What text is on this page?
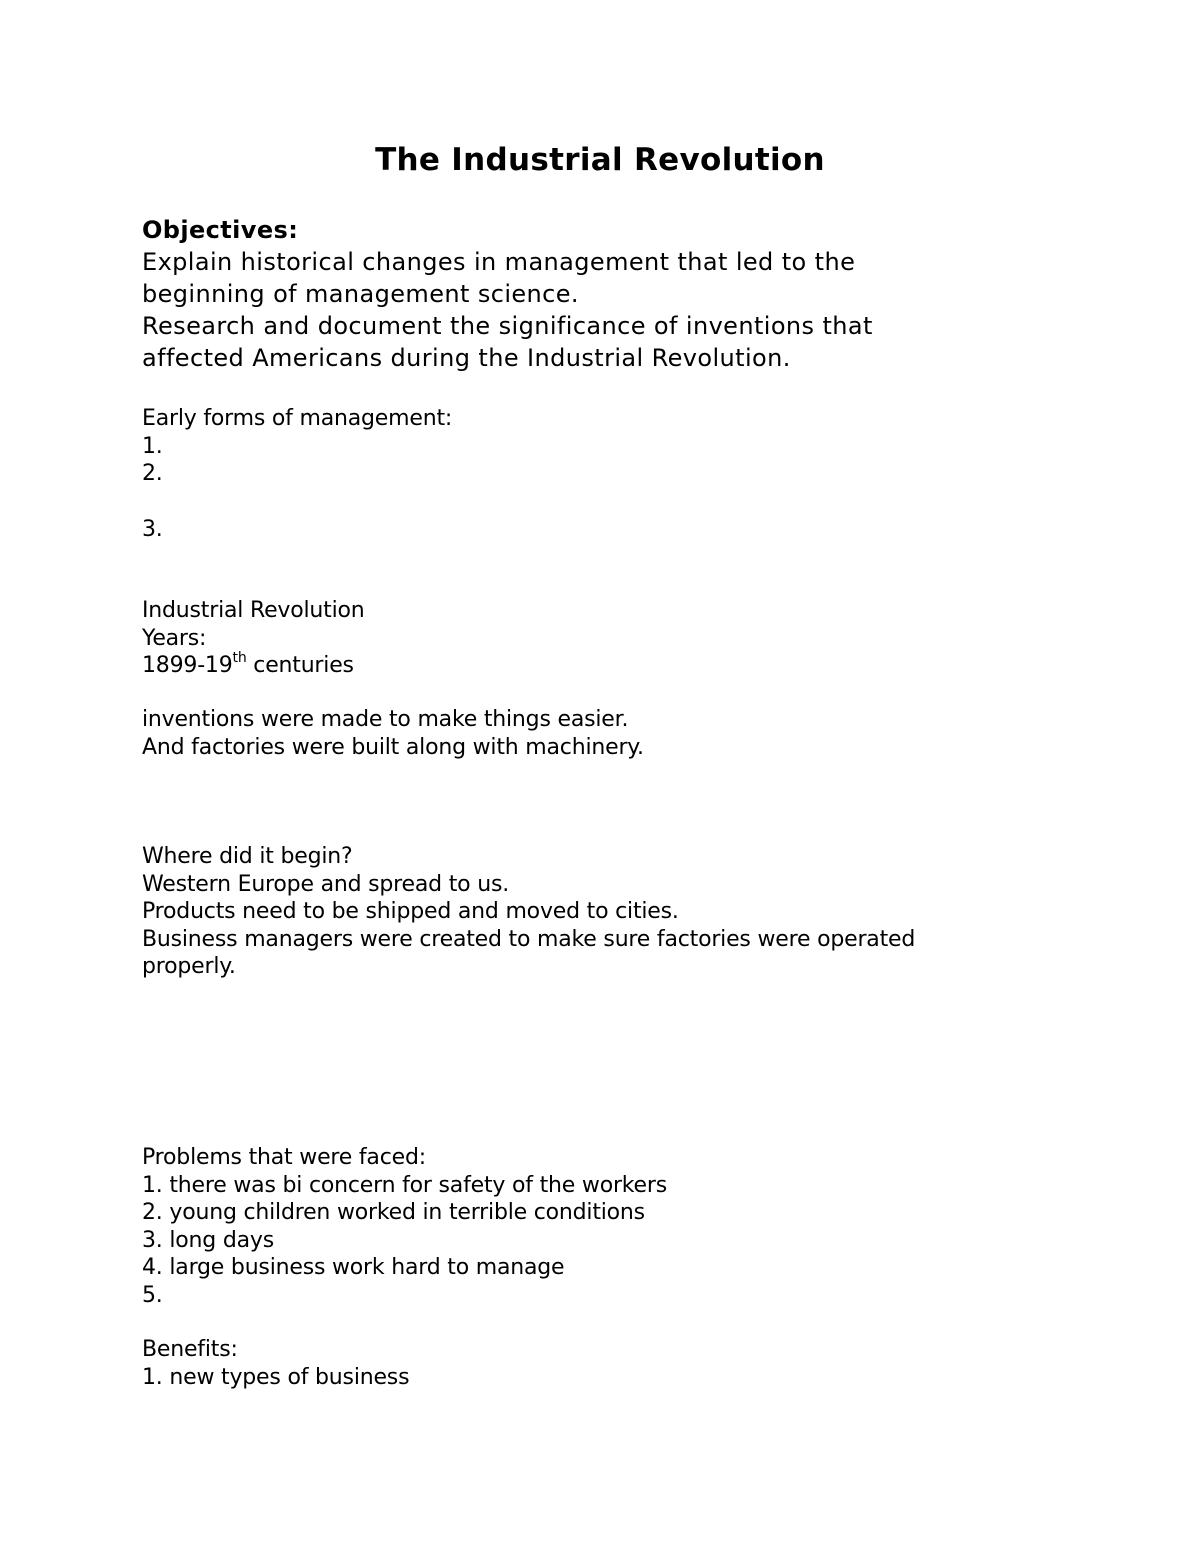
The Industrial Revolution
Objectives:
Explain historical changes in management that led to the
beginning of management science.
Research and document the significance of inventions that
affected Americans during the Industrial Revolution.
Early forms of management:
1.
2.
3.
Industrial Revolution
Years:
1899-19th centuries
inventions were made to make things easier.
And factories were built along with machinery.
Where did it begin?
Western Europe and spread to us.
Products need to be shipped and moved to cities.
Business managers were created to make sure factories were operated properly.
Problems that were faced:
1. there was bi concern for safety of the workers
2. young children worked in terrible conditions
3. long days
4. large business work hard to manage
5.
Benefits:
1. new types of business
